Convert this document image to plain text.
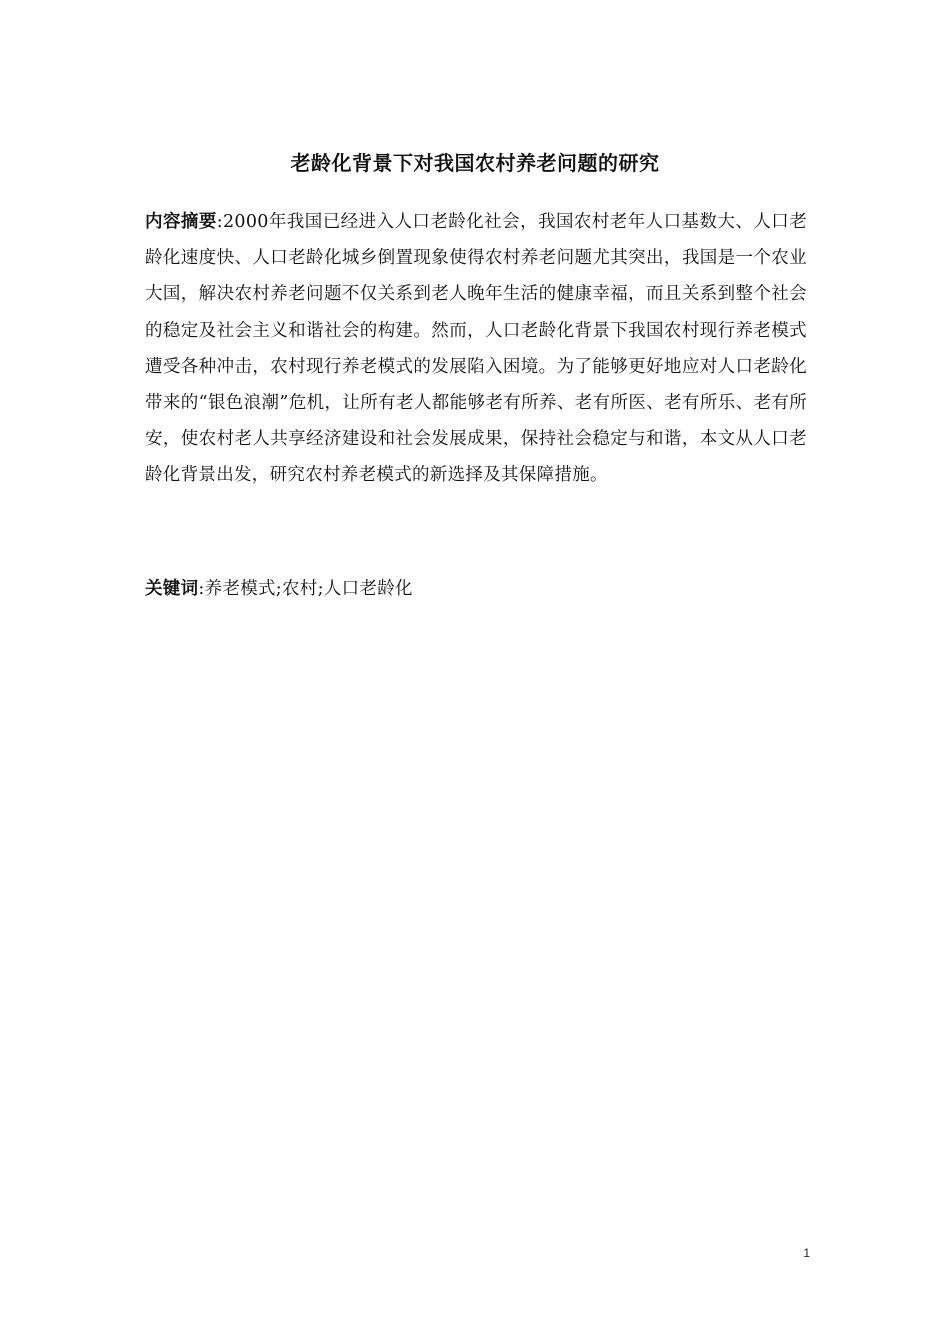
老龄化背景下对我国农村养老问题的研究
内容摘要:2000年我国已经进入人口老龄化社会，我国农村老年人口基数大、人口老龄化速度快、人口老龄化城乡倒置现象使得农村养老问题尤其突出，我国是一个农业大国，解决农村养老问题不仅关系到老人晚年生活的健康幸福，而且关系到整个社会的稳定及社会主义和谐社会的构建。然而，人口老龄化背景下我国农村现行养老模式遭受各种冲击，农村现行养老模式的发展陷入困境。为了能够更好地应对人口老龄化带来的“银色浪潮”危机，让所有老人都能够老有所养、老有所医、老有所乐、老有所安，使农村老人共享经济建设和社会发展成果，保持社会稳定与和谐，本文从人口老龄化背景出发，研究农村养老模式的新选择及其保障措施。
关键词:养老模式;农村;人口老龄化
1
